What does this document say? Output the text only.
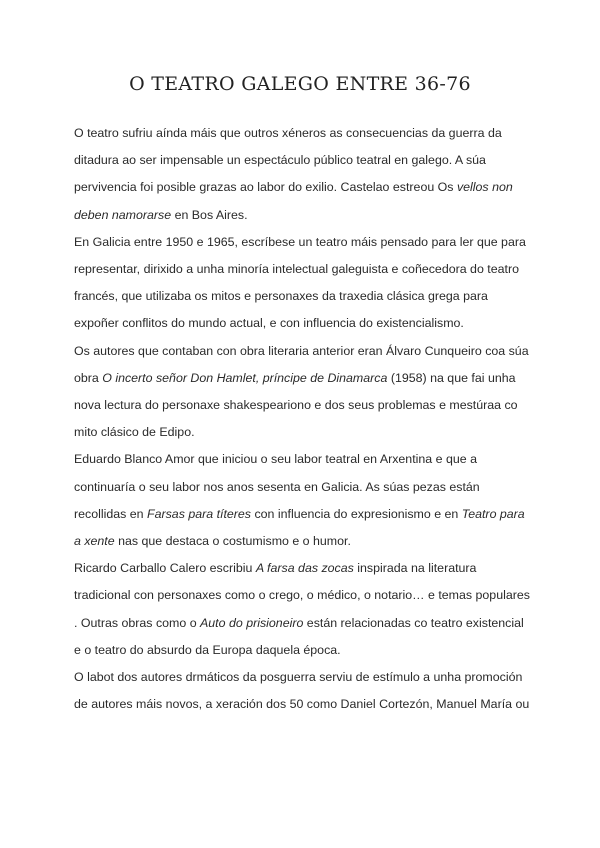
O TEATRO GALEGO ENTRE 36-76

O teatro sufriu aínda máis que outros xéneros as consecuencias da guerra da ditadura ao ser impensable un espectáculo público teatral en galego. A súa pervivencia foi posible grazas ao labor do exilio. Castelao estreou Os vellos non deben namorarse en Bos Aires.

En Galicia entre 1950 e 1965, escríbese un teatro máis pensado para ler que para representar, dirixido a unha minoría intelectual galeguista e coñecedora do teatro francés, que utilizaba os mitos e personaxes da traxedia clásica grega para expoñer conflitos do mundo actual, e con influencia do existencialismo.

Os autores que contaban con obra literaria anterior eran Álvaro Cunqueiro coa súa obra O incerto señor Don Hamlet, príncipe de Dinamarca (1958) na que fai unha nova lectura do personaxe shakespeariono e dos seus problemas e mestúraa co mito clásico de Edipo.

Eduardo Blanco Amor que iniciou o seu labor teatral en Arxentina e que a continuaría o seu labor nos anos sesenta en Galicia. As súas pezas están recollidas en Farsas para títeres con influencia do expresionismo e en Teatro para a xente nas que destaca o costumismo e o humor.

Ricardo Carballo Calero escribiu A farsa das zocas inspirada na literatura tradicional con personaxes como o crego, o médico, o notario… e temas populares . Outras obras como o Auto do prisioneiro están relacionadas co teatro existencial e o teatro do absurdo da Europa daquela época.

O labot dos autores drmáticos da posguerra serviu de estímulo a unha promoción de autores máis novos, a xeración dos 50 como Daniel Cortezón, Manuel María ou
